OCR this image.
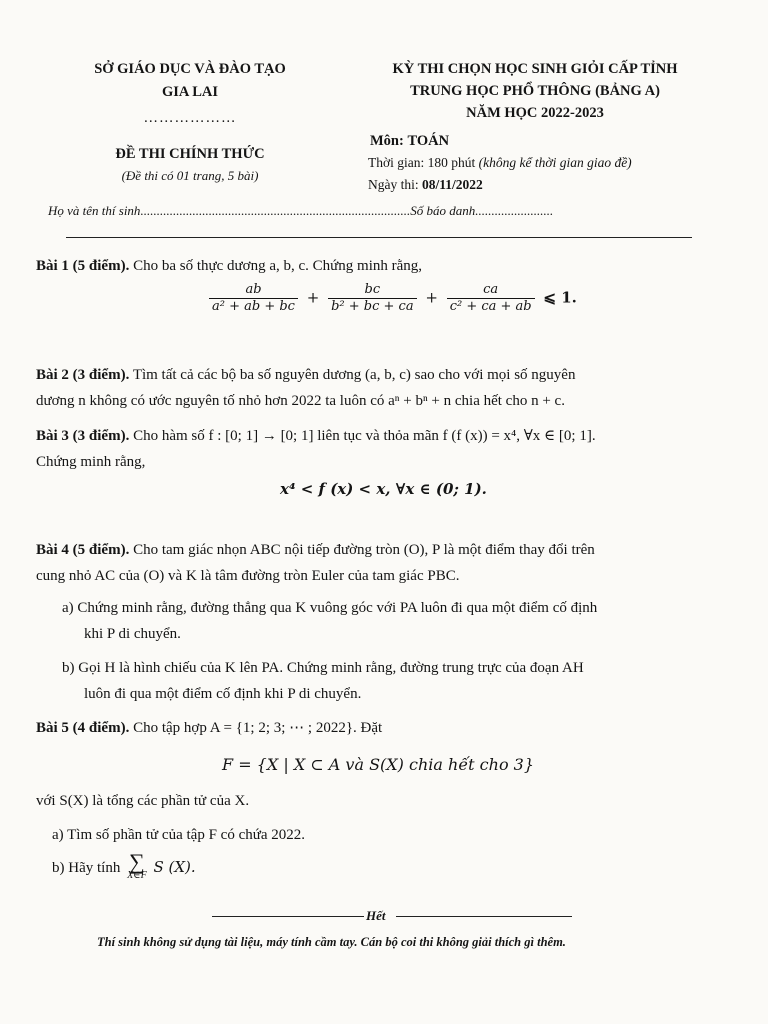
SỞ GIÁO DỤC VÀ ĐÀO TẠO
GIA LAI
………………
ĐỀ THI CHÍNH THỨC
(Đề thi có 01 trang, 5 bài)
KỲ THI CHỌN HỌC SINH GIỎI CẤP TỈNH
TRUNG HỌC PHỔ THÔNG (BẢNG A)
NĂM HỌC 2022-2023
Môn: TOÁN
Thời gian: 180 phút (không kể thời gian giao đề)
Ngày thi: 08/11/2022
Họ và tên thí sinh...................................................................................Số báo danh........................
Bài 1 (5 điểm). Cho ba số thực dương a, b, c. Chứng minh rằng,
$\frac{ab}{\text{a² + ab + bc}} + \frac{bc}{\text{b² + bc + ca}} + \frac{ca}{\text{c² + ca + ab}}$ ⩽ 1.
Bài 2 (3 điểm). Tìm tất cả các bộ ba số nguyên dương (a, b, c) sao cho với mọi số nguyên
dương n không có ước nguyên tố nhỏ hơn 2022 ta luôn có aⁿ + bⁿ + n chia hết cho n + c.
Bài 3 (3 điểm). Cho hàm số f : [0; 1] → [0; 1] liên tục và thỏa mãn f (f (x)) = x⁴, ∀x ∈ [0; 1].
Chứng minh rằng,
x⁴ < f (x) < x, ∀x ∈ (0; 1).
Bài 4 (5 điểm). Cho tam giác nhọn ABC nội tiếp đường tròn (O), P là một điểm thay đổi trên
cung nhỏ AC của (O) và K là tâm đường tròn Euler của tam giác PBC.
a) Chứng minh rằng, đường thẳng qua K vuông góc với PA luôn đi qua một điểm cố định
khi P di chuyển.
b) Gọi H là hình chiếu của K lên PA. Chứng minh rằng, đường trung trực của đoạn AH
luôn đi qua một điểm cố định khi P di chuyển.
Bài 5 (4 điểm). Cho tập hợp A = {1; 2; 3; ⋯ ; 2022}. Đặt
F = {X | X ⊂ A và S(X) chia hết cho 3}
với S(X) là tổng các phần tử của X.
a) Tìm số phần tử của tập F có chứa 2022.
b) Hãy tính ∑
X∈F S (X).
Hết
Thí sinh không sử dụng tài liệu, máy tính cầm tay. Cán bộ coi thi không giải thích gì thêm.
